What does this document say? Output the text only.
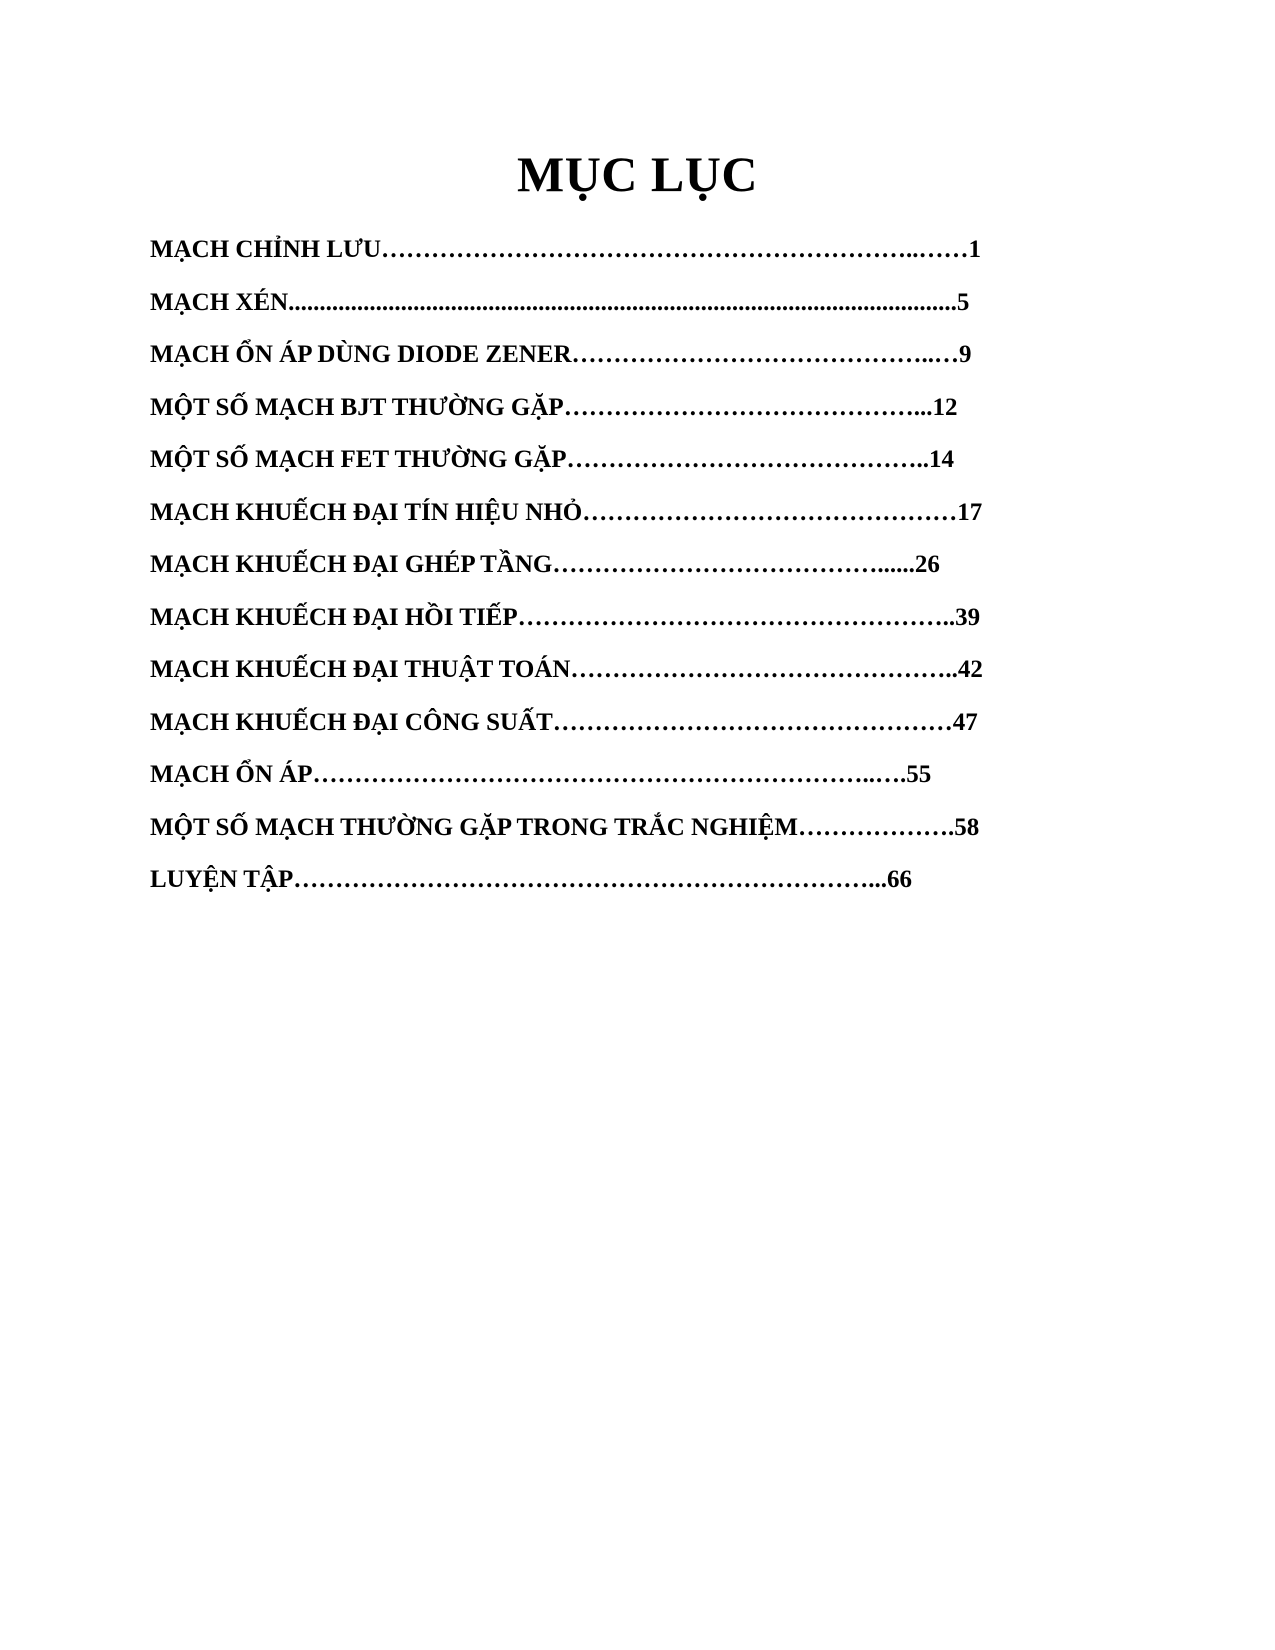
MỤC LỤC
MẠCH CHỈNH LƯU………………………………………………………..……1
MẠCH XÉN...........................................................................................................5
MẠCH ỔN ÁP DÙNG DIODE ZENER……………………………………..…9
MỘT SỐ MẠCH BJT THƯỜNG GẶP……………………………………...12
MỘT SỐ MẠCH FET THƯỜNG GẶP……………………………………..14
MẠCH KHUẾCH ĐẠI TÍN HIỆU NHỎ………………………………………17
MẠCH KHUẾCH ĐẠI GHÉP TẦNG…………………………………......26
MẠCH KHUẾCH ĐẠI HỒI TIẾP……………………………………………..39
MẠCH KHUẾCH ĐẠI THUẬT TOÁN………………………………………..42
MẠCH KHUẾCH ĐẠI CÔNG SUẤT…………………………………………47
MẠCH ỔN ÁP…………………………………………………………..….55
MỘT SỐ MẠCH THƯỜNG GẶP TRONG TRẮC NGHIỆM……………….58
LUYỆN TẬP……………………………………………………………...66
